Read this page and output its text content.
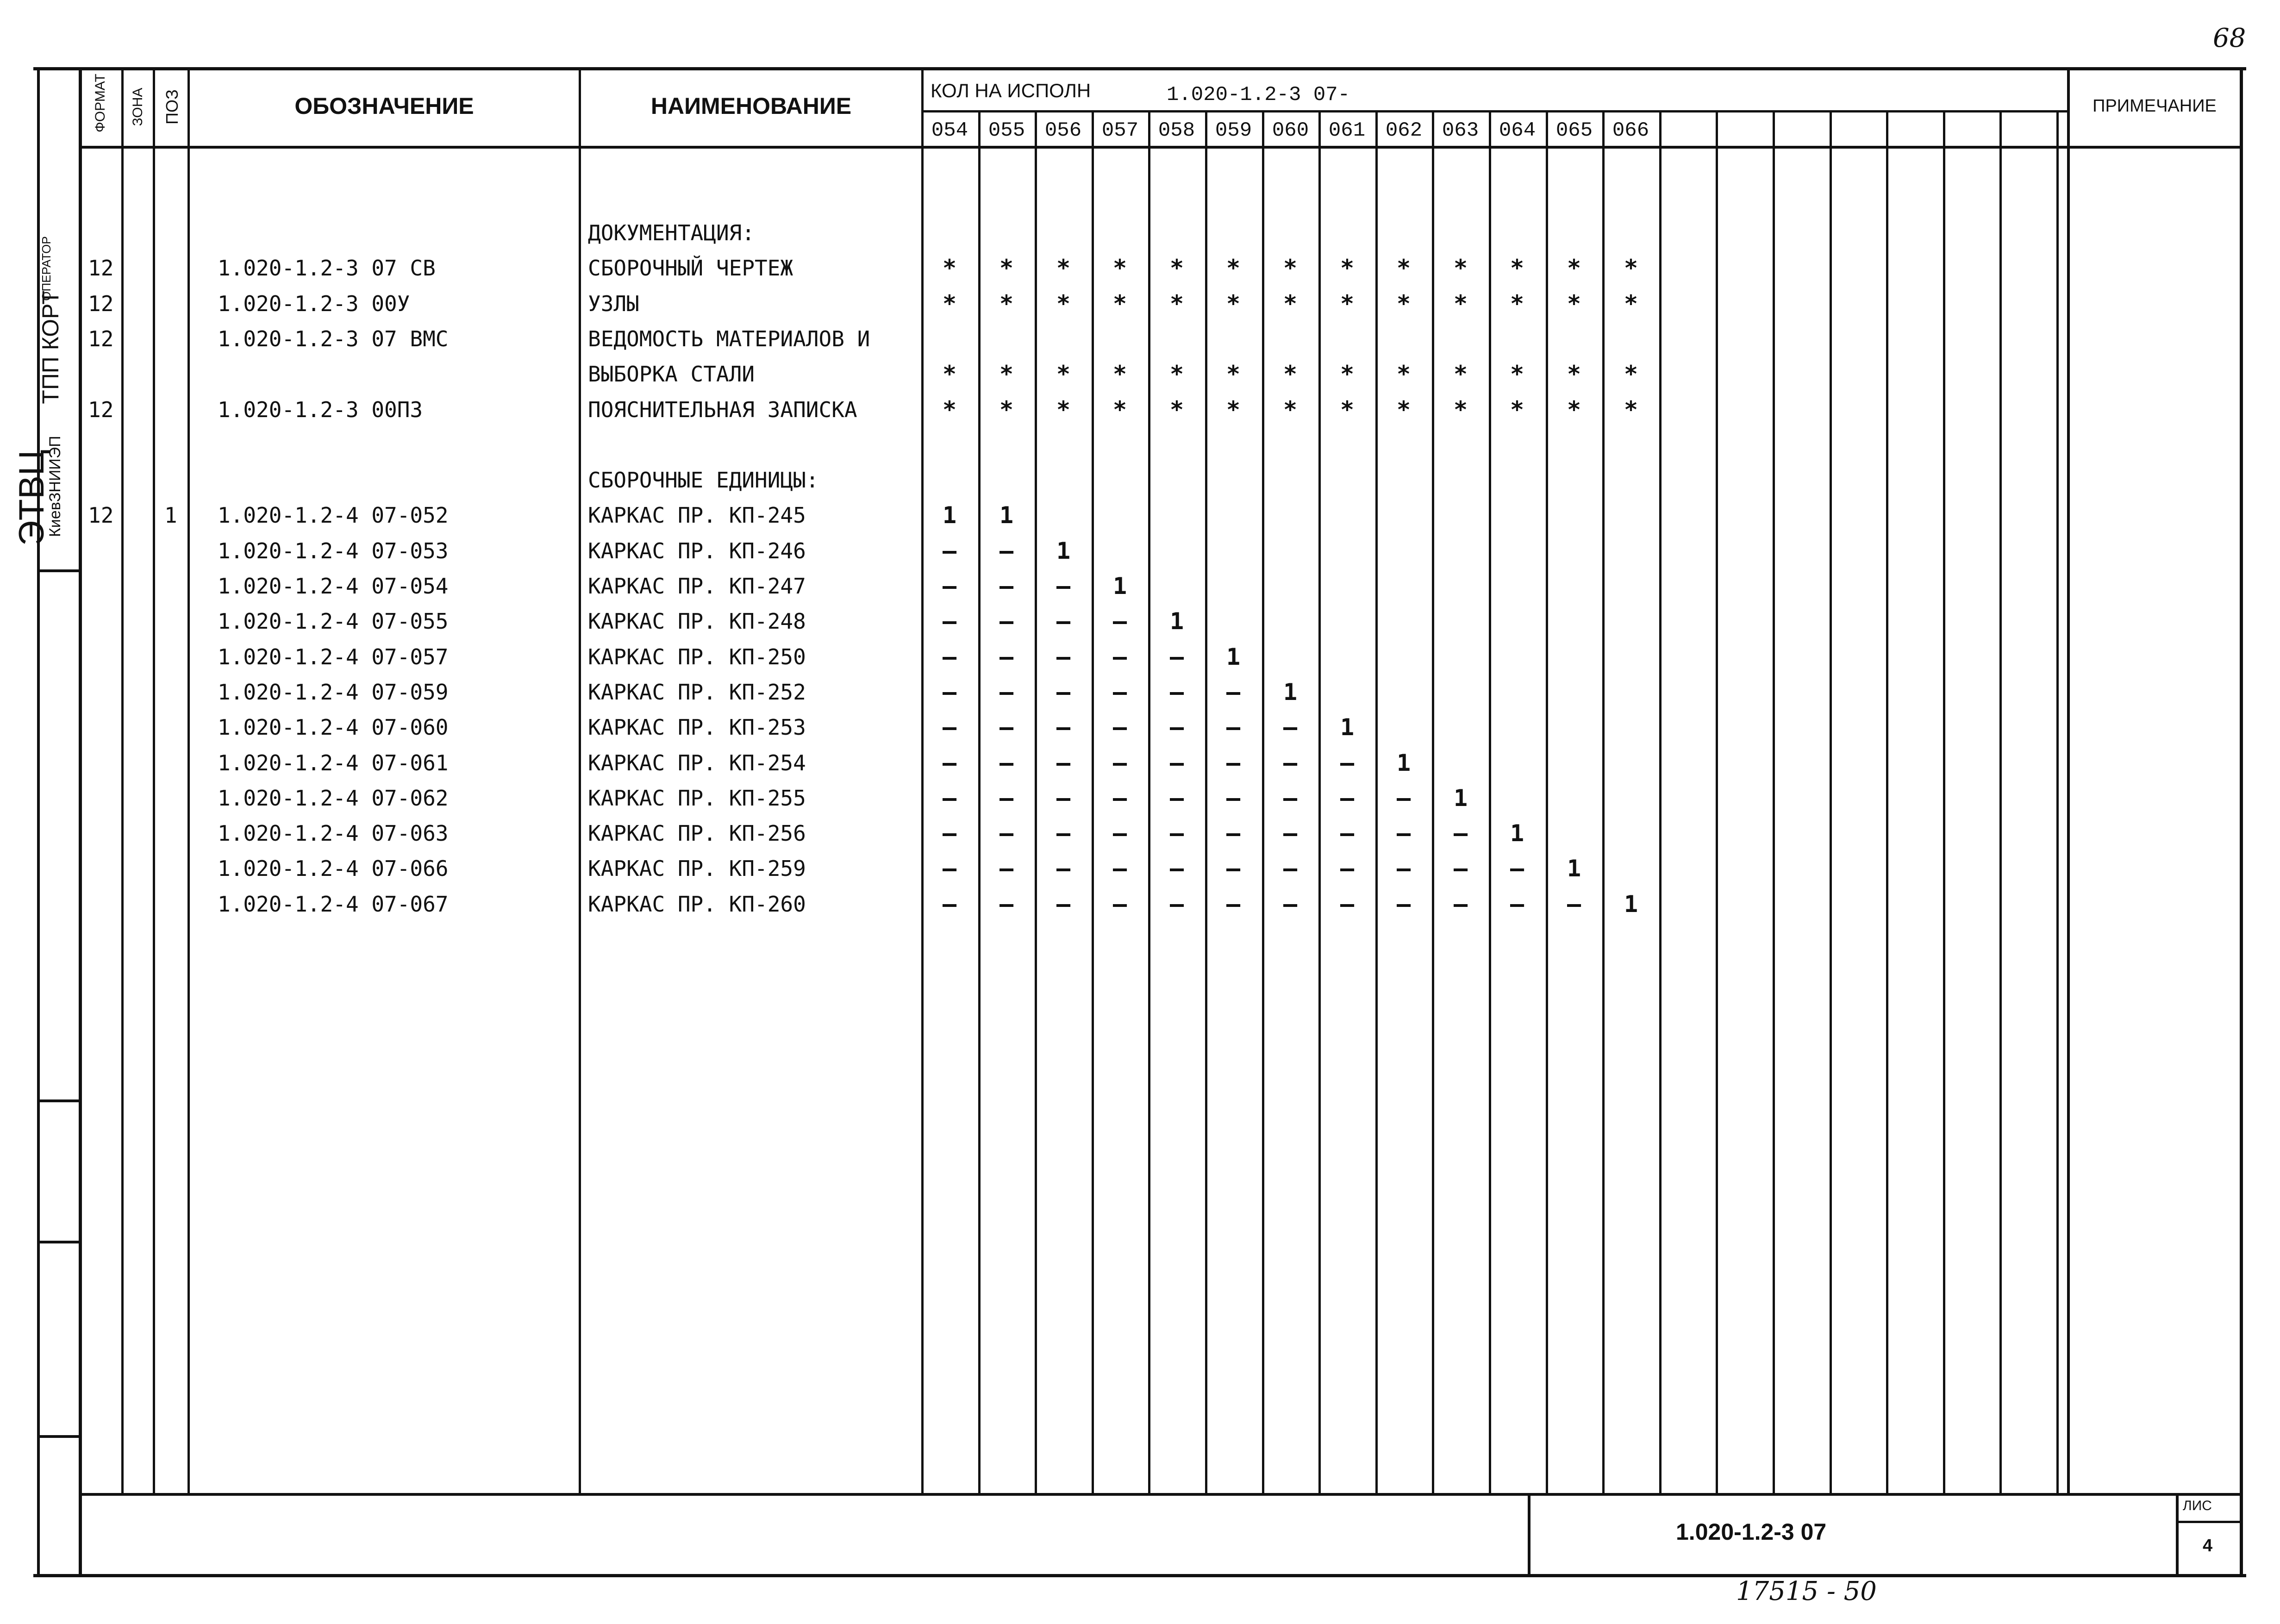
68
ФОРМАТ ЗОНА ПОЗ	ОБОЗНАЧЕНИЕ	НАИМЕНОВАНИЕ
КОЛ НА ИСПОЛН	1.020-1.2-3 07-	ПРИМЕЧАНИЕ
054 055 056 057 058 059 060 061 062 063 064 065 066
ДОКУМЕНТАЦИЯ:
12	1.020-1.2-3 07 СВ	СБОРОЧНЫЙ ЧЕРТЕЖ	*	*	*	*	*	*	*	*	*	*	*	*	*
12	1.020-1.2-3 00У	УЗЛЫ	*	*	*	*	*	*	*	*	*	*	*	*	*
12	1.020-1.2-3 07 ВМС	ВЕДОМОСТЬ МАТЕРИАЛОВ И
ВЫБОРКА СТАЛИ	*	*	*	*	*	*	*	*	*	*	*	*	*
12	1.020-1.2-3 00ПЗ	ПОЯСНИТЕЛЬНАЯ ЗАПИСКА	*	*	*	*	*	*	*	*	*	*	*	*	*
СБОРОЧНЫЕ ЕДИНИЦЫ:
12 1 1.020-1.2-4 07-052	КАРКАС ПР. КП-245	1	1
1.020-1.2-4 07-053	КАРКАС ПР. КП-246	–	–	1
1.020-1.2-4 07-054	КАРКАС ПР. КП-247	–	–	–	1
1.020-1.2-4 07-055	КАРКАС ПР. КП-248	–	–	–	–	1
1.020-1.2-4 07-057	КАРКАС ПР. КП-250	–	–	–	–	–	1
1.020-1.2-4 07-059	КАРКАС ПР. КП-252	–	–	–	–	–	–	1
1.020-1.2-4 07-060	КАРКАС ПР. КП-253	–	–	–	–	–	–	–	1
1.020-1.2-4 07-061	КАРКАС ПР. КП-254	–	–	–	–	–	–	–	–	1
1.020-1.2-4 07-062	КАРКАС ПР. КП-255	–	–	–	–	–	–	–	–	–	1
1.020-1.2-4 07-063	КАРКАС ПР. КП-256	–	–	–	–	–	–	–	–	–	–	1
1.020-1.2-4 07-066	КАРКАС ПР. КП-259	–	–	–	–	–	–	–	–	–	–	–	1
1.020-1.2-4 07-067	КАРКАС ПР. КП-260	–	–	–	–	–	–	–	–	–	–	–	–	1
1.020-1.2-3 07
ЛИС
4
ЭТВЦ
КиевЗНИИЭП
ТПП КОРТ
ОПЕРАТОР
17515 - 50
